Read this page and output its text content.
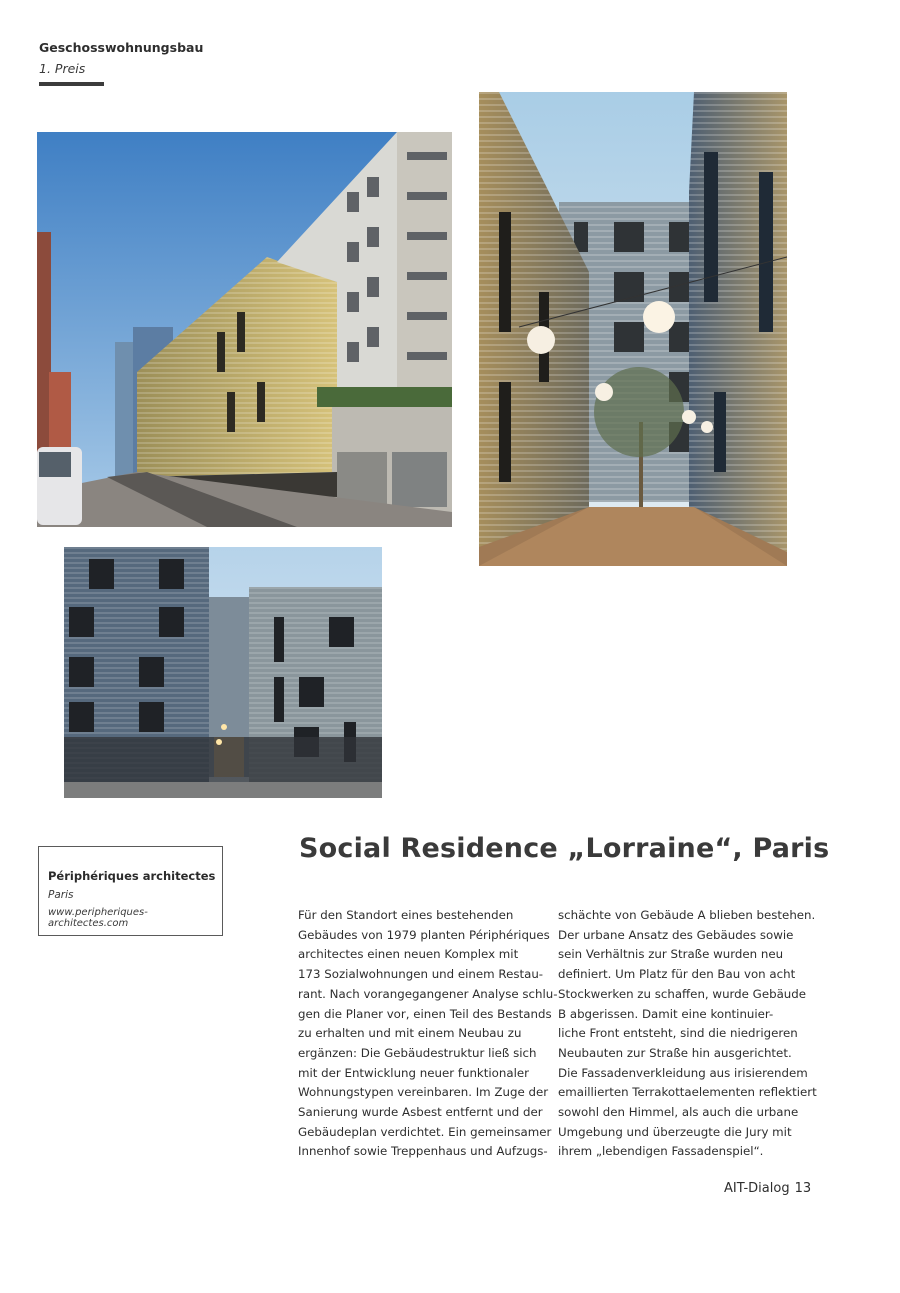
Geschosswohnungsbau
1. Preis
Périphériques architectes
Paris
www.peripheriques-architectes.com
Social Residence „Lorraine“, Paris
Für den Standort eines bestehenden
Gebäudes von 1979 planten Périphériques
architectes einen neuen Komplex mit
173 Sozialwohnungen und einem Restau-
rant. Nach vorangegangener Analyse schlu-
gen die Planer vor, einen Teil des Bestands
zu erhalten und mit einem Neubau zu
ergänzen: Die Gebäudestruktur ließ sich
mit der Entwicklung neuer funktionaler
Wohnungstypen vereinbaren. Im Zuge der
Sanierung wurde Asbest entfernt und der
Gebäudeplan verdichtet. Ein gemeinsamer
Innenhof sowie Treppenhaus und Aufzugs-
schächte von Gebäude A blieben bestehen.
Der urbane Ansatz des Gebäudes sowie
sein Verhältnis zur Straße wurden neu
definiert. Um Platz für den Bau von acht
Stockwerken zu schaffen, wurde Gebäude
B abgerissen. Damit eine kontinuier-
liche Front entsteht, sind die niedrigeren
Neubauten zur Straße hin ausgerichtet.
Die Fassadenverkleidung aus irisierendem
emaillierten Terrakottaelementen reflektiert
sowohl den Himmel, als auch die urbane
Umgebung und überzeugte die Jury mit
ihrem „lebendigen Fassadenspiel“.
AIT-Dialog 13
